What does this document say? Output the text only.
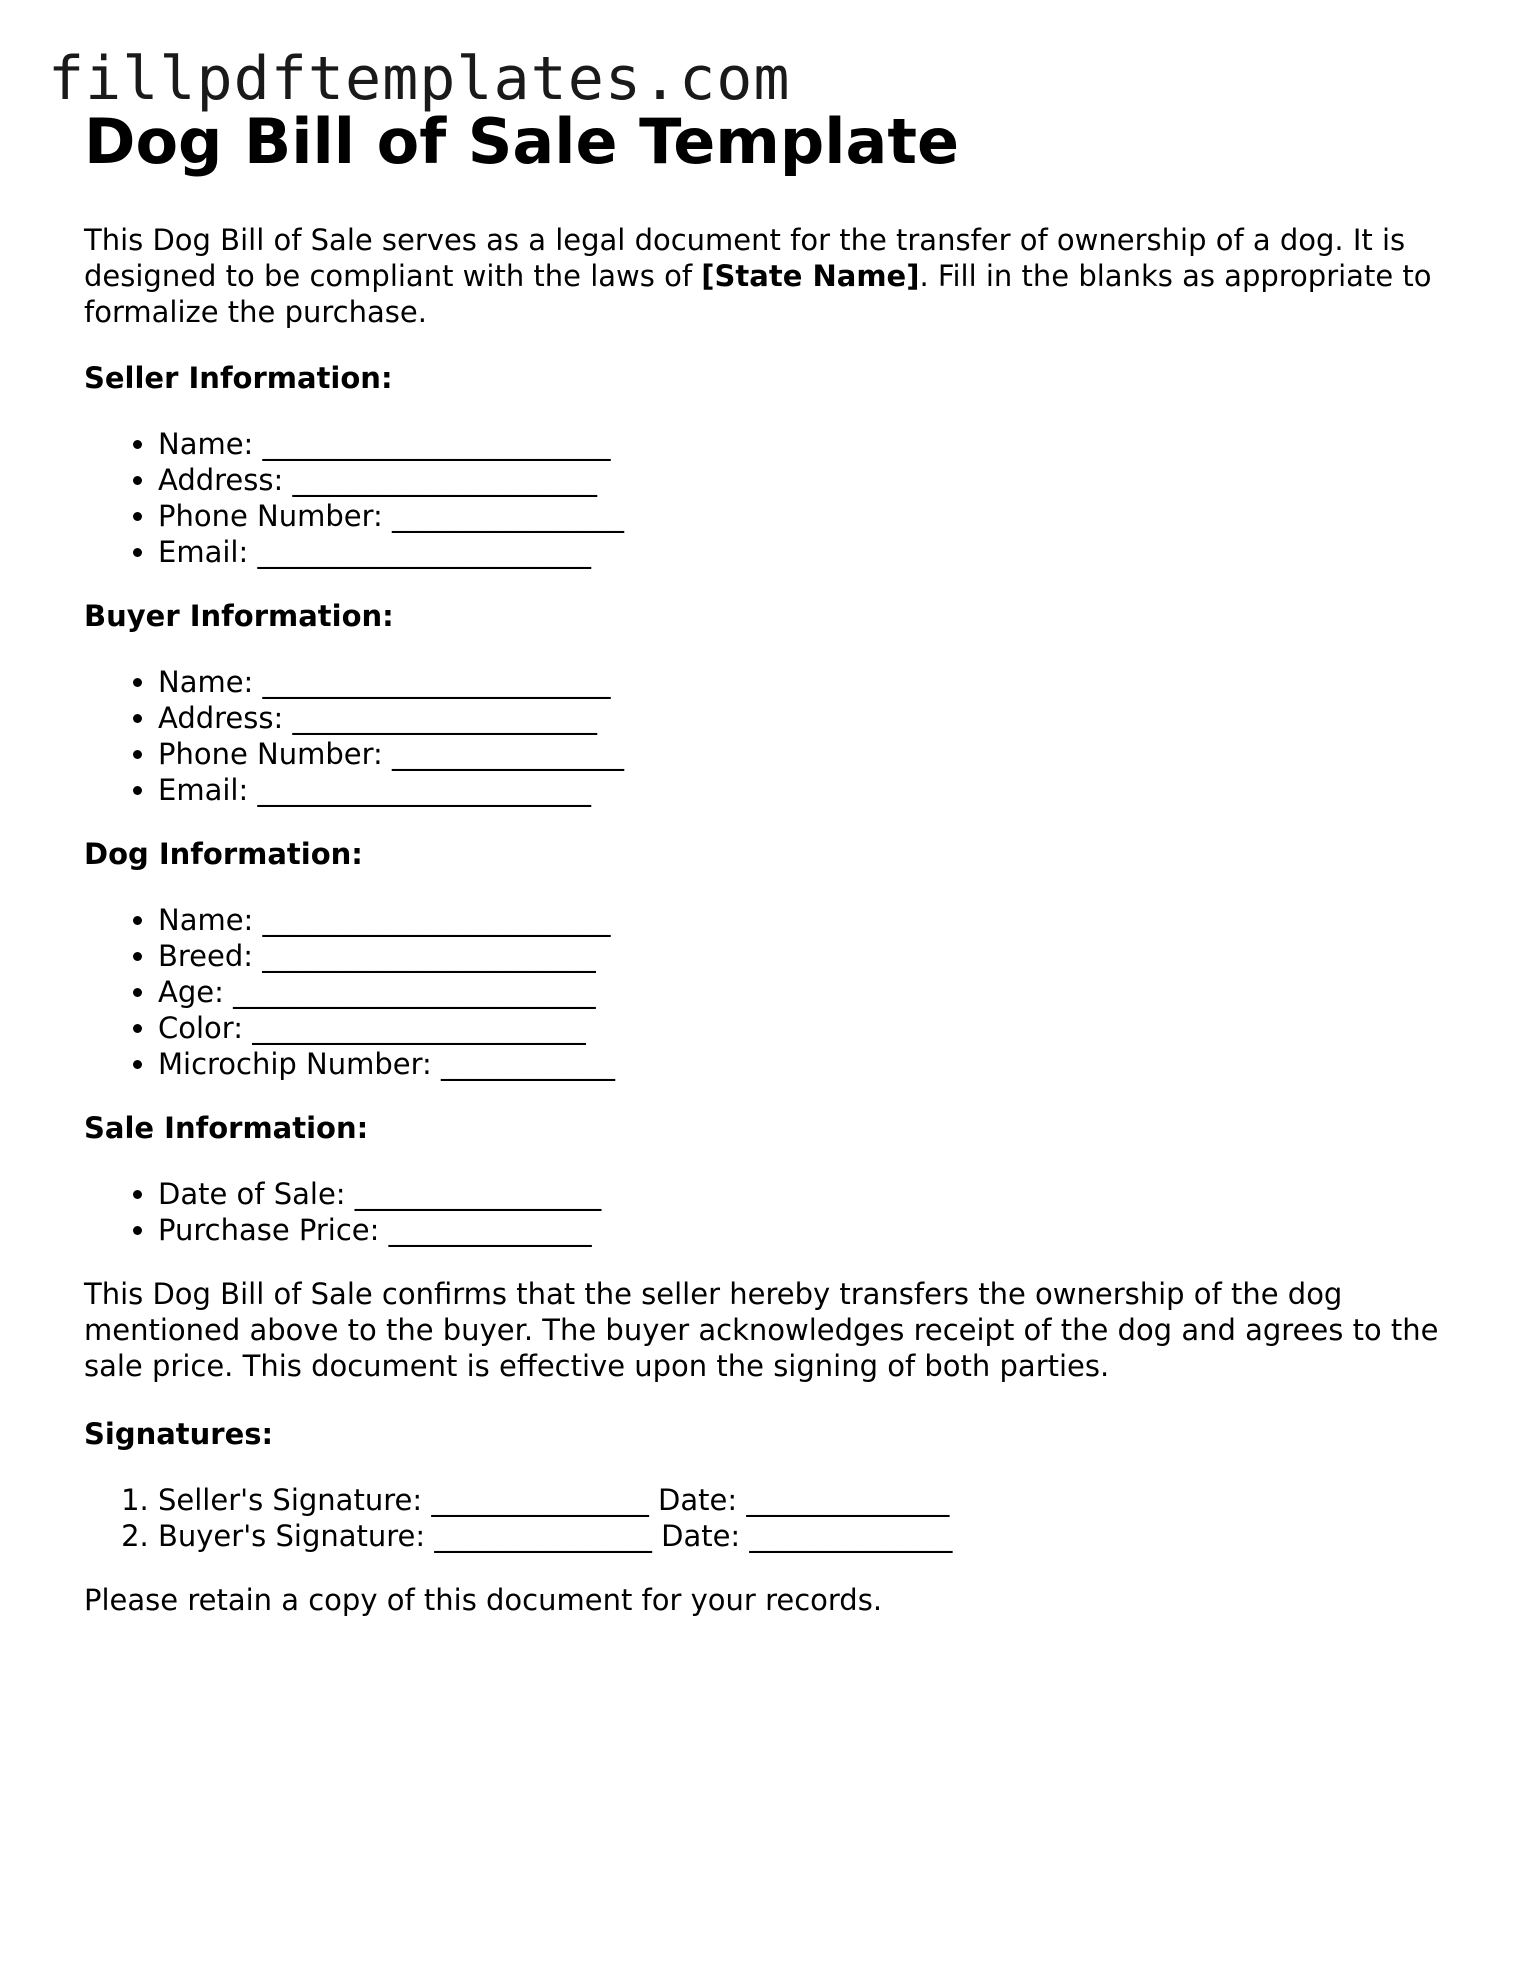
fillpdftemplates.com
Dog Bill of Sale Template

This Dog Bill of Sale serves as a legal document for the transfer of ownership of a dog. It is designed to be compliant with the laws of [State Name]. Fill in the blanks as appropriate to formalize the purchase.

Seller Information:

• Name: ________________________
• Address: _____________________
• Phone Number: ________________
• Email: _______________________

Buyer Information:

• Name: ________________________
• Address: _____________________
• Phone Number: ________________
• Email: _______________________

Dog Information:

• Name: ________________________
• Breed: _______________________
• Age: _________________________
• Color: _______________________
• Microchip Number: ____________

Sale Information:

• Date of Sale: _________________
• Purchase Price: ______________

This Dog Bill of Sale confirms that the seller hereby transfers the ownership of the dog mentioned above to the buyer. The buyer acknowledges receipt of the dog and agrees to the sale price. This document is effective upon the signing of both parties.

Signatures:

1. Seller's Signature: _______________ Date: ______________
2. Buyer's Signature: _______________ Date: ______________

Please retain a copy of this document for your records.
